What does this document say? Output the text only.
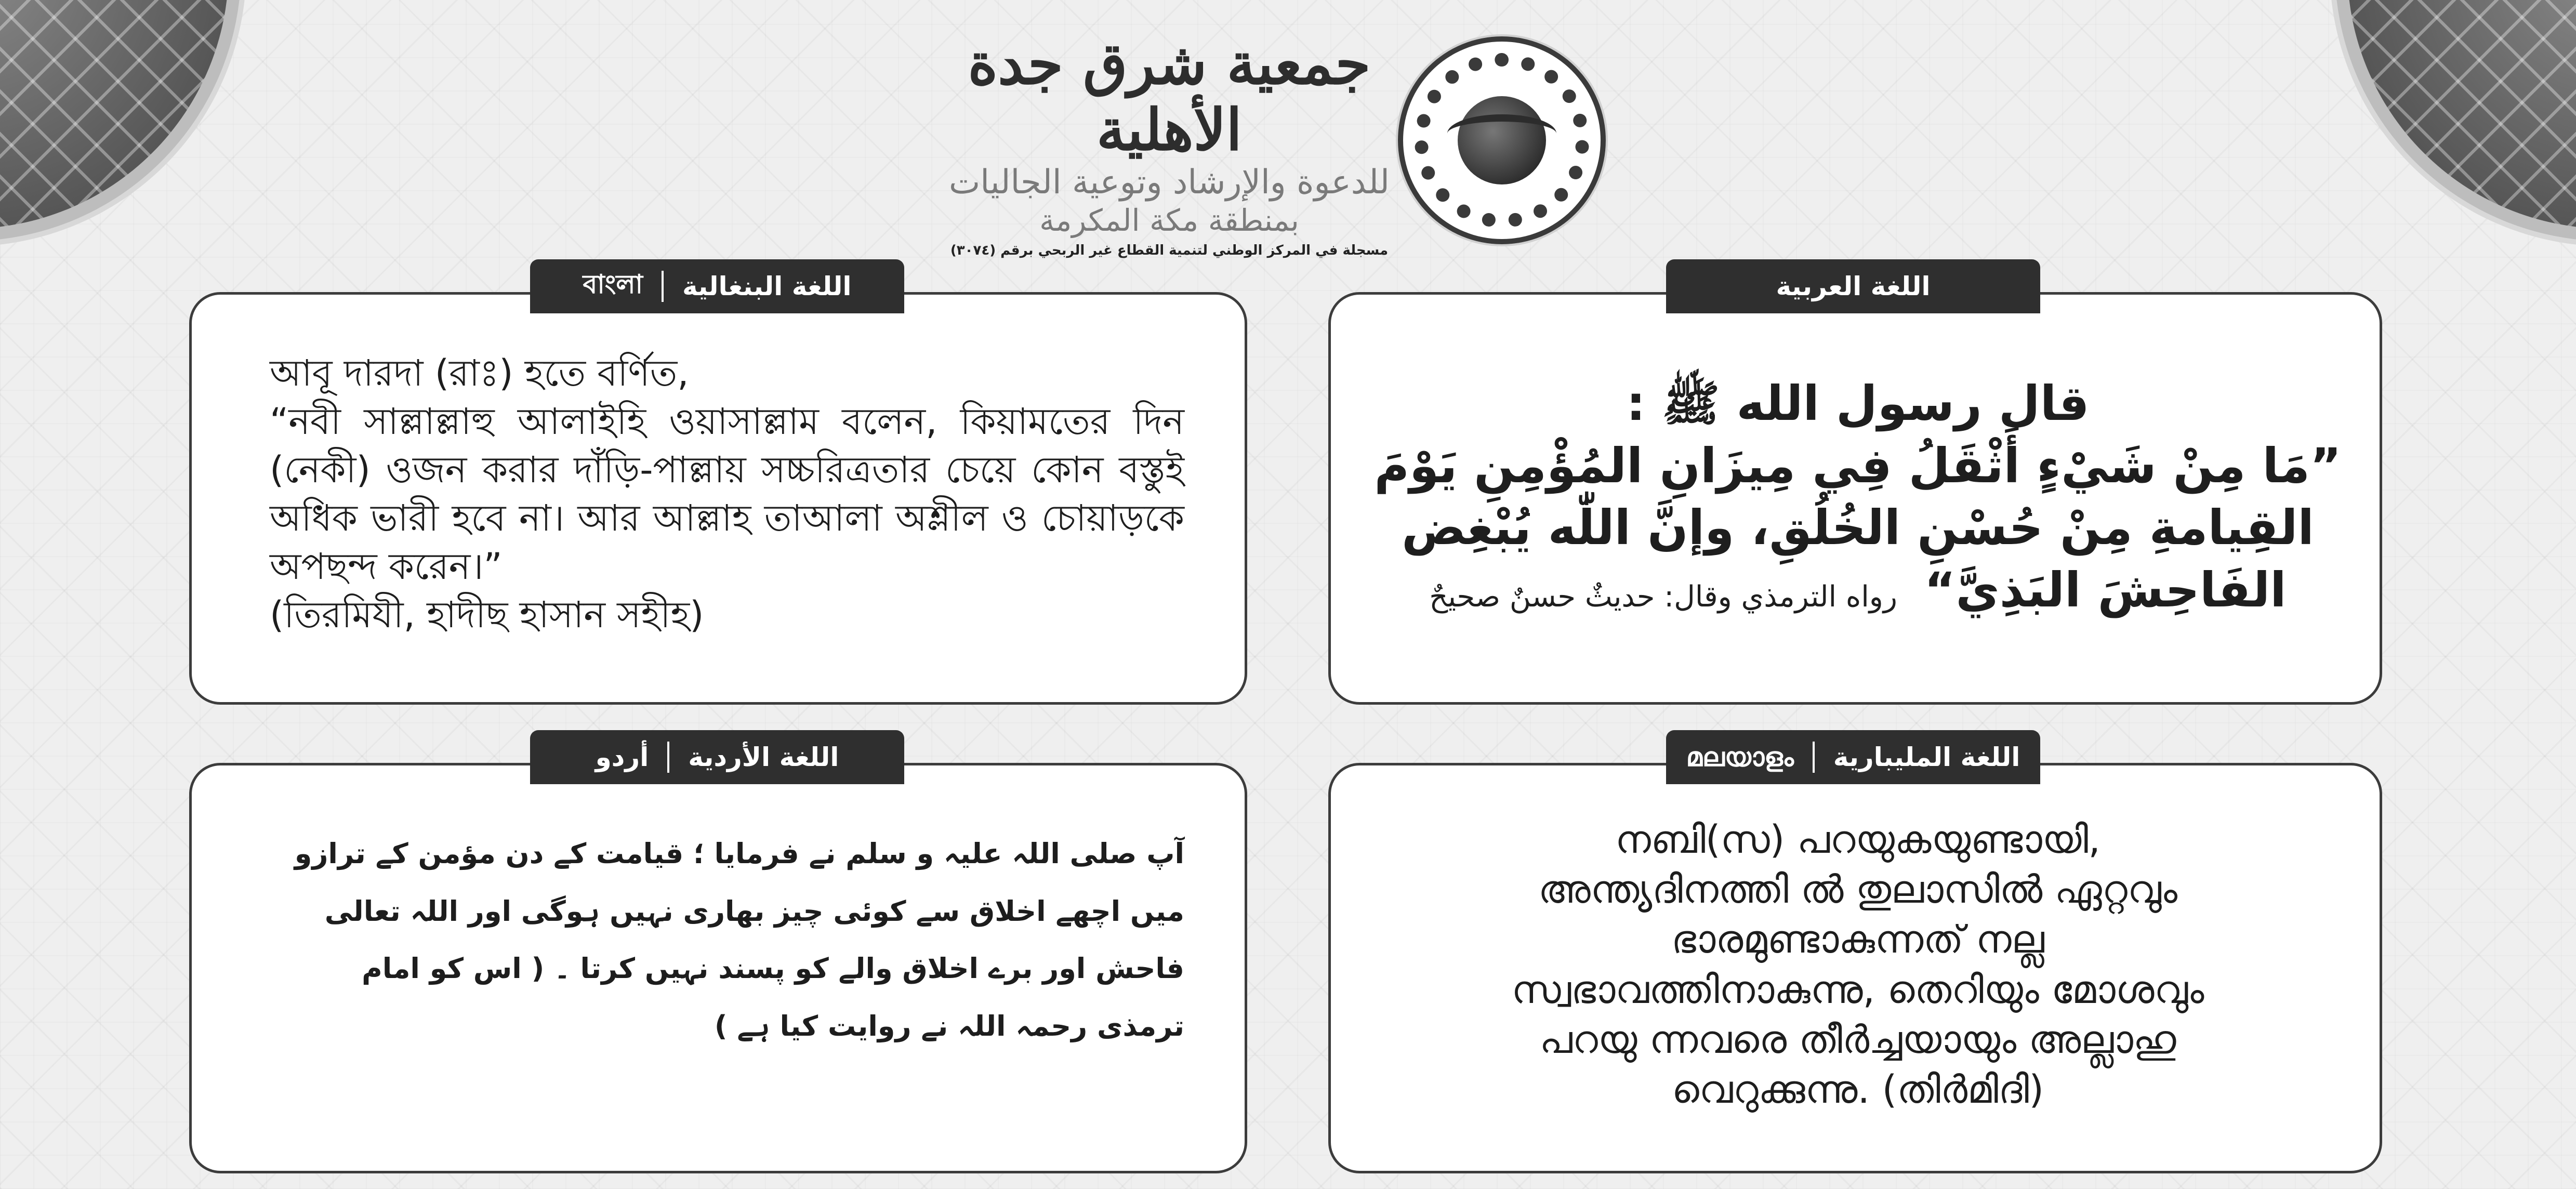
جمعية شرق جدة الأهلية
للدعوة والإرشاد وتوعية الجاليات
بمنطقة مكة المكرمة
مسجلة في المركز الوطني لتنمية القطاع غير الربحي برقم (٣٠٧٤)
قال رسول الله ﷺ :
”مَا مِنْ شَيْءٍ أَثْقَلُ فِي مِيزَانِ المُؤْمِنِ يَوْمَ
القِيامةِ مِنْ حُسْنِ الخُلُقِ، وإنَّ اللّٰه يُبْغِض
الفَاحِشَ البَذِيَّ“ رواه الترمذي وقال: حديثٌ حسنٌ صحيحٌ
اللغة العربية
আবূ দারদা (রাঃ) হতে বর্ণিত,
“নবী সাল্লাল্লাহু আলাইহি ওয়াসাল্লাম বলেন, কিয়ামতের দিন (নেকী) ওজন করার দাঁড়ি-পাল্লায় সচ্চরিত্রতার চেয়ে কোন বস্তুই অধিক ভারী হবে না। আর আল্লাহ তাআলা অশ্লীল ও চোয়াড়কে অপছন্দ করেন।”
(তিরমিযী, হাদীছ হাসান সহীহ)
اللغة البنغالية
বাংলা
آپ صلی اللہ علیہ و سلم نے فرمایا ؛ قیامت کے دن مؤمن کے ترازو میں اچھے اخلاق سے کوئی چیز بھاری نہیں ہوگی اور اللہ تعالی فاحش اور برے اخلاق والے کو پسند نہیں کرتا ۔ ( اس کو امام ترمذی رحمہ اللہ نے روایت کیا ہے )
اللغة الأردية
أردو
നബി(സ) പറയുകയുണ്ടായി,
അന്ത്യദിനത്തി ൽ തുലാസിൽ ഏറ്റവും
ഭാരമുണ്ടാകുന്നത് നല്ല
സ്വഭാവത്തിനാകുന്നു, തെറിയും മോശവും
പറയു ന്നവരെ തീർച്ചയായും അല്ലാഹു
വെറുക്കുന്നു. (തിർമിദി)
اللغة المليبارية
മലയാളം
